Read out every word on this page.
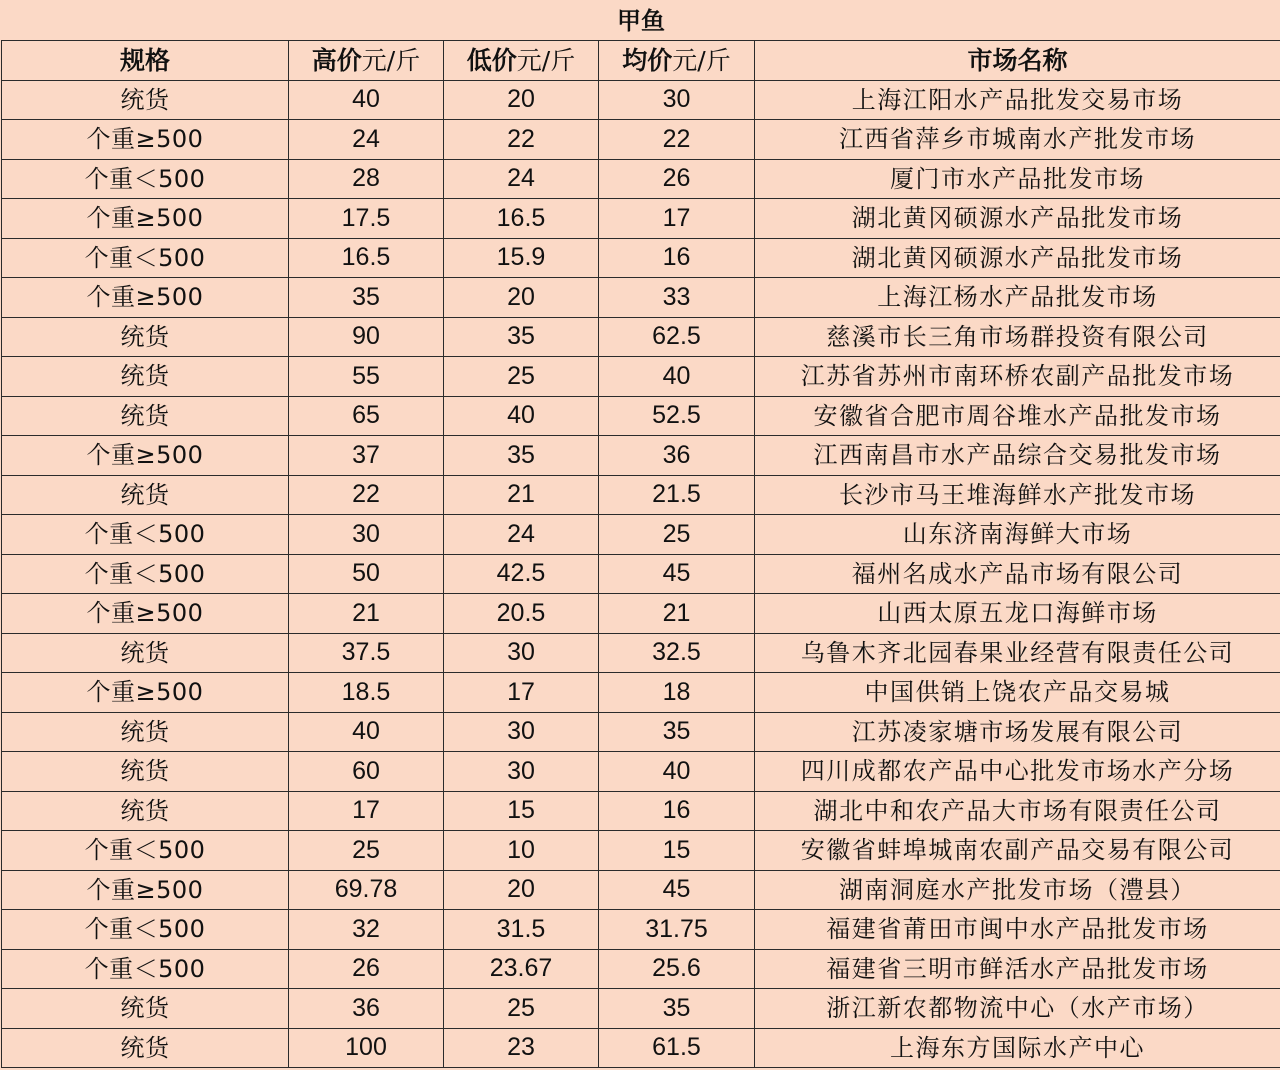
甲鱼				
规格	高价元/斤	低价元/斤	均价元/斤	市场名称
统货	40	20	30	上海江阳水产品批发交易市场
个重≥500	24	22	22	江西省萍乡市城南水产批发市场
个重＜500	28	24	26	厦门市水产品批发市场
个重≥500	17.5	16.5	17	湖北黄冈硕源水产品批发市场
个重＜500	16.5	15.9	16	湖北黄冈硕源水产品批发市场
个重≥500	35	20	33	上海江杨水产品批发市场
统货	90	35	62.5	慈溪市长三角市场群投资有限公司
统货	55	25	40	江苏省苏州市南环桥农副产品批发市场
统货	65	40	52.5	安徽省合肥市周谷堆水产品批发市场
个重≥500	37	35	36	江西南昌市水产品综合交易批发市场
统货	22	21	21.5	长沙市马王堆海鲜水产批发市场
个重＜500	30	24	25	山东济南海鲜大市场
个重＜500	50	42.5	45	福州名成水产品市场有限公司
个重≥500	21	20.5	21	山西太原五龙口海鲜市场
统货	37.5	30	32.5	乌鲁木齐北园春果业经营有限责任公司
个重≥500	18.5	17	18	中国供销上饶农产品交易城
统货	40	30	35	江苏凌家塘市场发展有限公司
统货	60	30	40	四川成都农产品中心批发市场水产分场
统货	17	15	16	湖北中和农产品大市场有限责任公司
个重＜500	25	10	15	安徽省蚌埠城南农副产品交易有限公司
个重≥500	69.78	20	45	湖南洞庭水产批发市场（澧县）
个重＜500	32	31.5	31.75	福建省莆田市闽中水产品批发市场
个重＜500	26	23.67	25.6	福建省三明市鲜活水产品批发市场
统货	36	25	35	浙江新农都物流中心（水产市场）
统货	100	23	61.5	上海东方国际水产中心
